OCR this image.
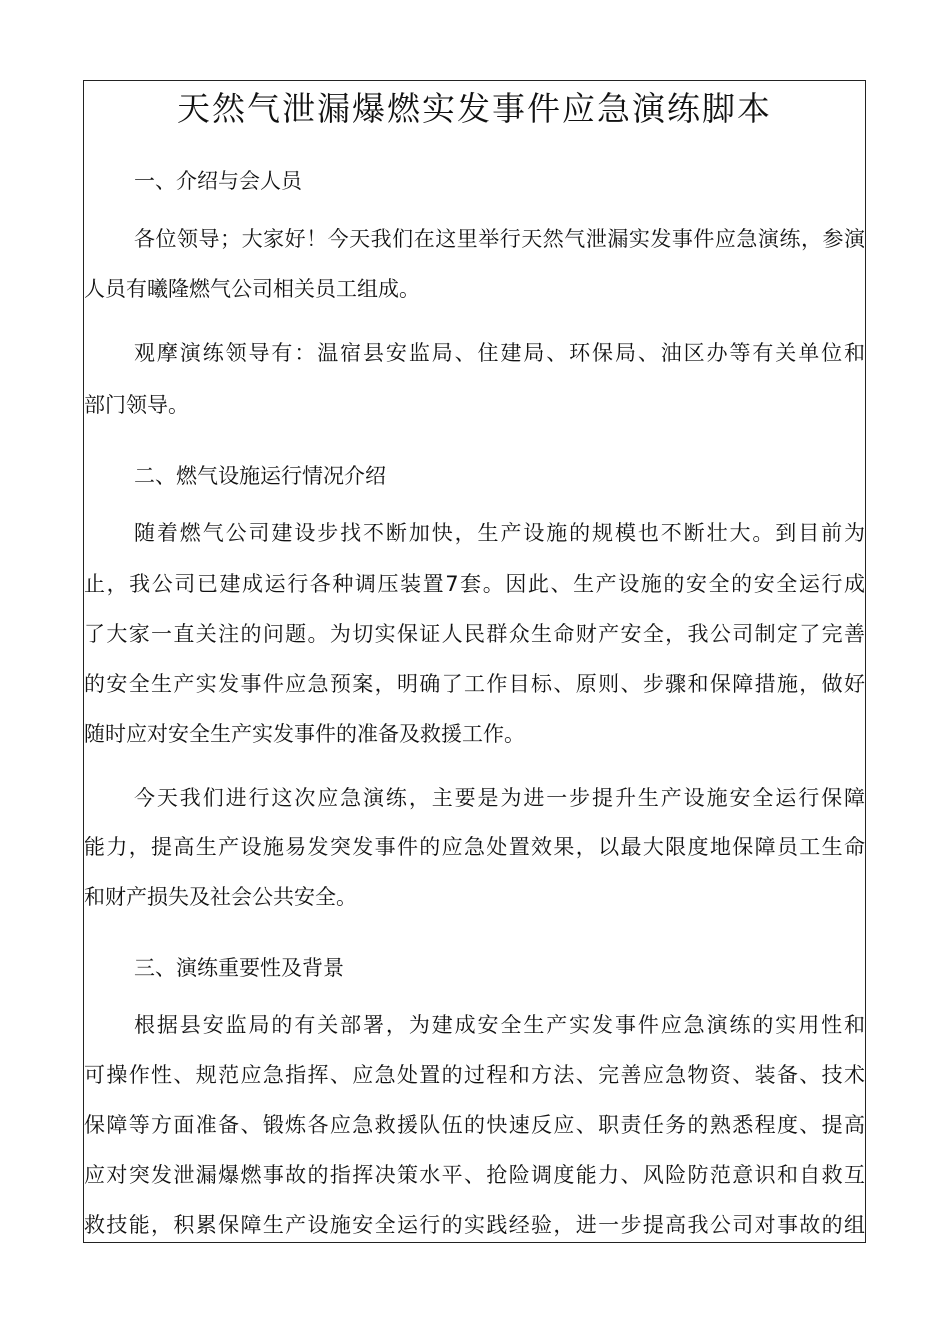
天然气泄漏爆燃实发事件应急演练脚本
一、介绍与会人员
各位领导；大家好！今天我们在这里举行天然气泄漏实发事件应急演练，参演
人员有曦隆燃气公司相关员工组成。
观摩演练领导有：温宿县安监局、住建局、环保局、油区办等有关单位和
部门领导。
二、燃气设施运行情况介绍
随着燃气公司建设步找不断加快，生产设施的规模也不断壮大。到目前为
止，我公司已建成运行各种调压装置7套。因此、生产设施的安全的安全运行成
了大家一直关注的问题。为切实保证人民群众生命财产安全，我公司制定了完善
的安全生产实发事件应急预案，明确了工作目标、原则、步骤和保障措施，做好
随时应对安全生产实发事件的准备及救援工作。
今天我们进行这次应急演练，主要是为进一步提升生产设施安全运行保障
能力，提高生产设施易发突发事件的应急处置效果，以最大限度地保障员工生命
和财产损失及社会公共安全。
三、演练重要性及背景
根据县安监局的有关部署，为建成安全生产实发事件应急演练的实用性和
可操作性、规范应急指挥、应急处置的过程和方法、完善应急物资、装备、技术
保障等方面准备、锻炼各应急救援队伍的快速反应、职责任务的熟悉程度、提高
应对突发泄漏爆燃事故的指挥决策水平、抢险调度能力、风险防范意识和自救互
救技能，积累保障生产设施安全运行的实践经验，进一步提高我公司对事故的组
